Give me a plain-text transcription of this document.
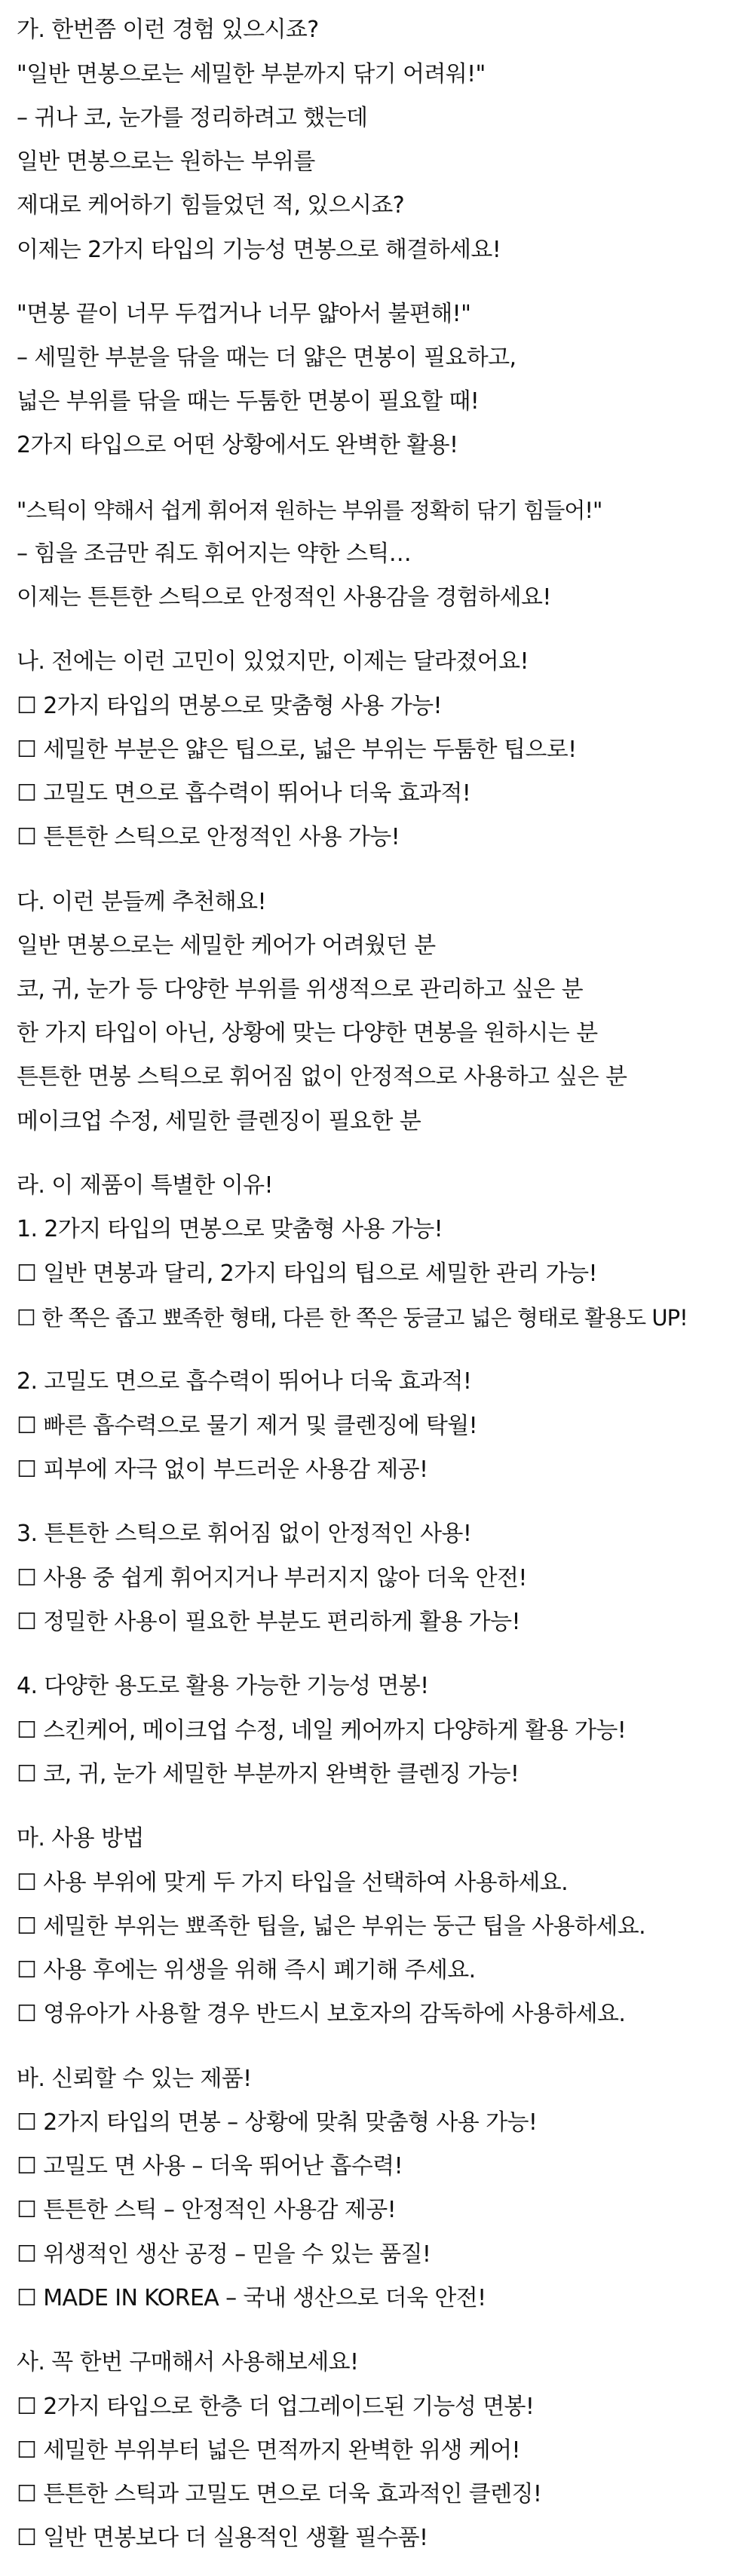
가. 한번쯤 이런 경험 있으시죠?
"일반 면봉으로는 세밀한 부분까지 닦기 어려워!"
– 귀나 코, 눈가를 정리하려고 했는데
일반 면봉으로는 원하는 부위를
제대로 케어하기 힘들었던 적, 있으시죠?
이제는 2가지 타입의 기능성 면봉으로 해결하세요!
"면봉 끝이 너무 두껍거나 너무 얇아서 불편해!"
– 세밀한 부분을 닦을 때는 더 얇은 면봉이 필요하고,
넓은 부위를 닦을 때는 두툼한 면봉이 필요할 때!
2가지 타입으로 어떤 상황에서도 완벽한 활용!
"스틱이 약해서 쉽게 휘어져 원하는 부위를 정확히 닦기 힘들어!"
– 힘을 조금만 줘도 휘어지는 약한 스틱…
이제는 튼튼한 스틱으로 안정적인 사용감을 경험하세요!
나. 전에는 이런 고민이 있었지만, 이제는 달라졌어요!
☐ 2가지 타입의 면봉으로 맞춤형 사용 가능!
☐ 세밀한 부분은 얇은 팁으로, 넓은 부위는 두툼한 팁으로!
☐ 고밀도 면으로 흡수력이 뛰어나 더욱 효과적!
☐ 튼튼한 스틱으로 안정적인 사용 가능!
다. 이런 분들께 추천해요!
일반 면봉으로는 세밀한 케어가 어려웠던 분
코, 귀, 눈가 등 다양한 부위를 위생적으로 관리하고 싶은 분
한 가지 타입이 아닌, 상황에 맞는 다양한 면봉을 원하시는 분
튼튼한 면봉 스틱으로 휘어짐 없이 안정적으로 사용하고 싶은 분
메이크업 수정, 세밀한 클렌징이 필요한 분
라. 이 제품이 특별한 이유!
1. 2가지 타입의 면봉으로 맞춤형 사용 가능!
☐ 일반 면봉과 달리, 2가지 타입의 팁으로 세밀한 관리 가능!
☐ 한 쪽은 좁고 뾰족한 형태, 다른 한 쪽은 둥글고 넓은 형태로 활용도 UP!
2. 고밀도 면으로 흡수력이 뛰어나 더욱 효과적!
☐ 빠른 흡수력으로 물기 제거 및 클렌징에 탁월!
☐ 피부에 자극 없이 부드러운 사용감 제공!
3. 튼튼한 스틱으로 휘어짐 없이 안정적인 사용!
☐ 사용 중 쉽게 휘어지거나 부러지지 않아 더욱 안전!
☐ 정밀한 사용이 필요한 부분도 편리하게 활용 가능!
4. 다양한 용도로 활용 가능한 기능성 면봉!
☐ 스킨케어, 메이크업 수정, 네일 케어까지 다양하게 활용 가능!
☐ 코, 귀, 눈가 세밀한 부분까지 완벽한 클렌징 가능!
마. 사용 방법
☐ 사용 부위에 맞게 두 가지 타입을 선택하여 사용하세요.
☐ 세밀한 부위는 뾰족한 팁을, 넓은 부위는 둥근 팁을 사용하세요.
☐ 사용 후에는 위생을 위해 즉시 폐기해 주세요.
☐ 영유아가 사용할 경우 반드시 보호자의 감독하에 사용하세요.
바. 신뢰할 수 있는 제품!
☐ 2가지 타입의 면봉 – 상황에 맞춰 맞춤형 사용 가능!
☐ 고밀도 면 사용 – 더욱 뛰어난 흡수력!
☐ 튼튼한 스틱 – 안정적인 사용감 제공!
☐ 위생적인 생산 공정 – 믿을 수 있는 품질!
☐ MADE IN KOREA – 국내 생산으로 더욱 안전!
사. 꼭 한번 구매해서 사용해보세요!
☐ 2가지 타입으로 한층 더 업그레이드된 기능성 면봉!
☐ 세밀한 부위부터 넓은 면적까지 완벽한 위생 케어!
☐ 튼튼한 스틱과 고밀도 면으로 더욱 효과적인 클렌징!
☐ 일반 면봉보다 더 실용적인 생활 필수품!
